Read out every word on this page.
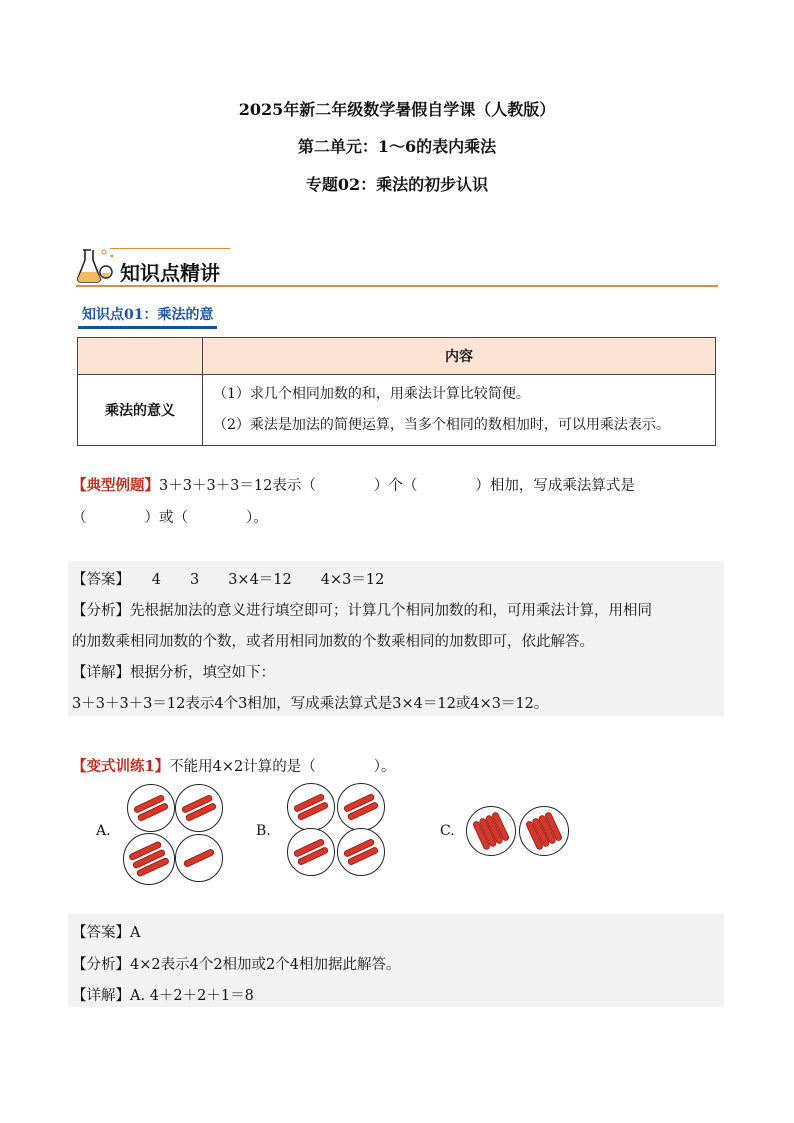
2025年新二年级数学暑假自学课（人教版）
第二单元：1～6的表内乘法
专题02：乘法的初步认识
知识点精讲
知识点01：乘法的意
	内容
乘法的意义	（1）求几个相同加数的和，用乘法计算比较简便。
（2）乘法是加法的简便运算，当多个相同的数相加时，可以用乘法表示。
【典型例题】3＋3＋3＋3＝12表示（　　　　）个（　　　　）相加，写成乘法算式是
（　　　　）或（　　　　）。
【答案】　　4　　3　　3×4＝12　　4×3＝12
【分析】先根据加法的意义进行填空即可；计算几个相同加数的和，可用乘法计算，用相同
的加数乘相同加数的个数，或者用相同加数的个数乘相同的加数即可，依此解答。
【详解】根据分析，填空如下：
3＋3＋3＋3＝12表示4个3相加，写成乘法算式是3×4＝12或4×3＝12。
【变式训练1】不能用4×2计算的是（　　　　）。
A.	B.	C.
【答案】A
【分析】4×2表示4个2相加或2个4相加据此解答。
【详解】A. 4＋2＋2＋1＝8
